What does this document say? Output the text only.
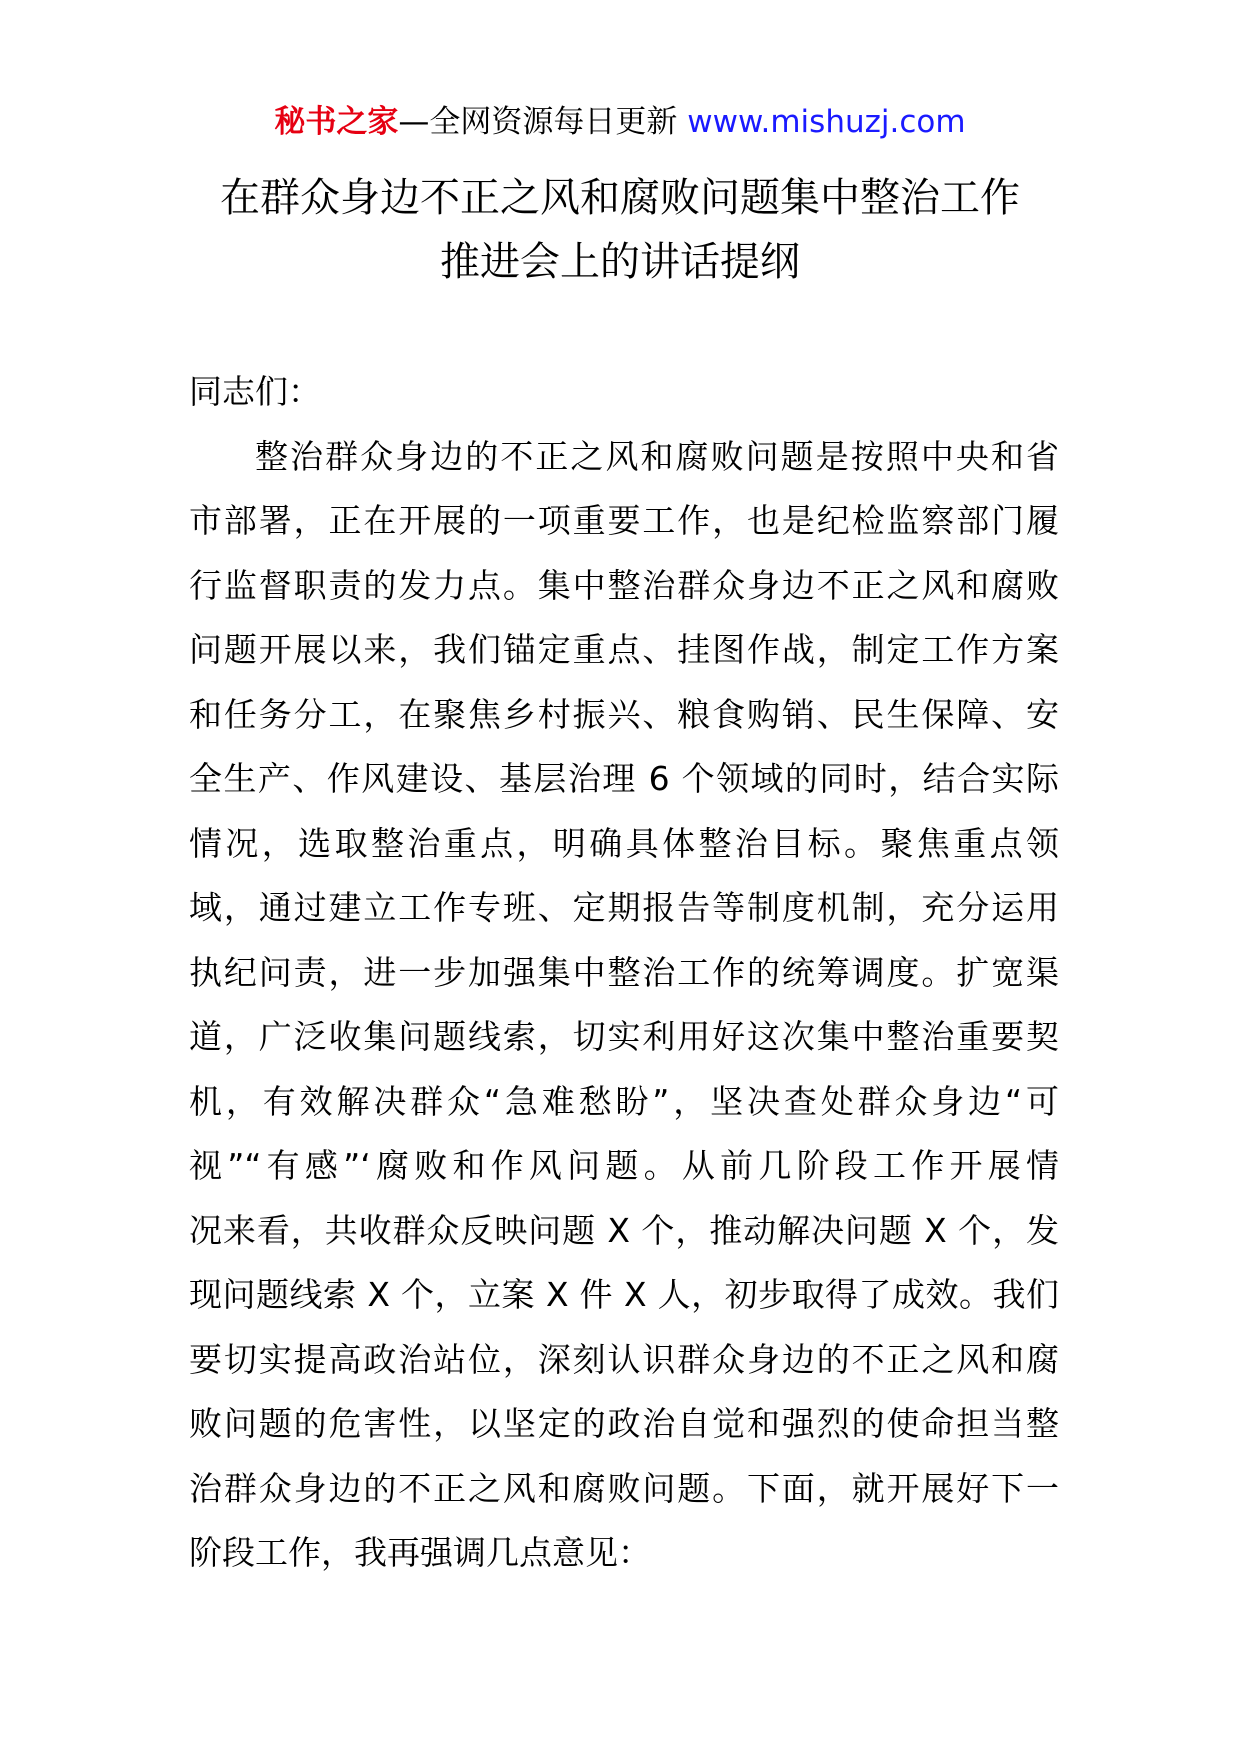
秘书之家—全网资源每日更新 www.mishuzj.com
在群众身边不正之风和腐败问题集中整治工作
推进会上的讲话提纲

同志们：

整治群众身边的不正之风和腐败问题是按照中央和省
市部署，正在开展的一项重要工作，也是纪检监察部门履
行监督职责的发力点。集中整治群众身边不正之风和腐败
问题开展以来，我们锚定重点、挂图作战，制定工作方案
和任务分工，在聚焦乡村振兴、粮食购销、民生保障、安
全生产、作风建设、基层治理 6 个领域的同时，结合实际
情况，选取整治重点，明确具体整治目标。聚焦重点领
域，通过建立工作专班、定期报告等制度机制，充分运用
执纪问责，进一步加强集中整治工作的统筹调度。扩宽渠
道，广泛收集问题线索，切实利用好这次集中整治重要契
机，有效解决群众“急难愁盼”，坚决查处群众身边“可
视”“有感”‘腐败和作风问题。从前几阶段工作开展情
况来看，共收群众反映问题 X 个，推动解决问题 X 个，发
现问题线索 X 个，立案 X 件 X 人，初步取得了成效。我们
要切实提高政治站位，深刻认识群众身边的不正之风和腐
败问题的危害性，以坚定的政治自觉和强烈的使命担当整
治群众身边的不正之风和腐败问题。下面，就开展好下一
阶段工作，我再强调几点意见：
